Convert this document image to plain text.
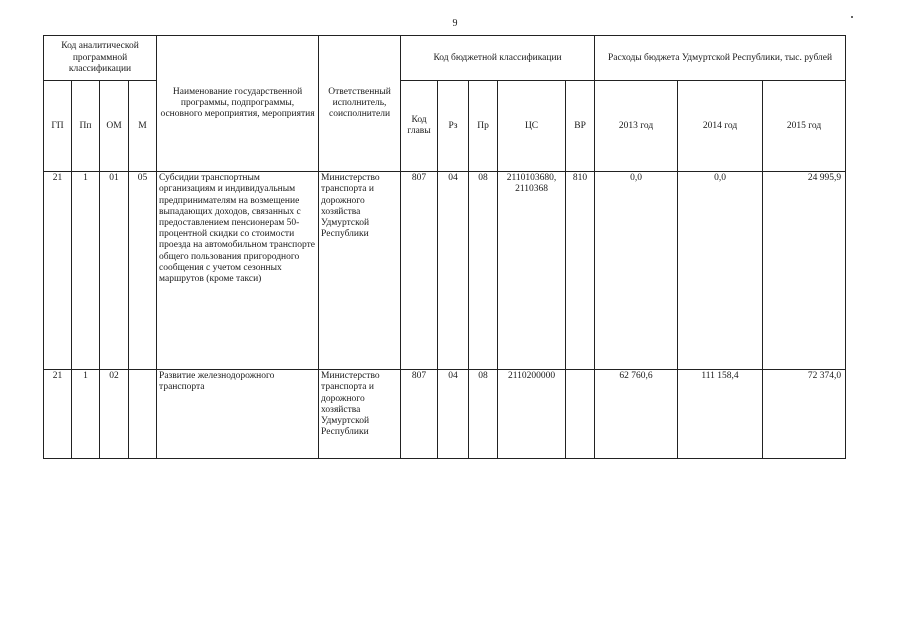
9
Код аналитической программной классификации				Наименование государственной программы, подпрограммы, основного мероприятия, мероприятия	Ответственный исполнитель, соисполнители	Код бюджетной классификации					Расходы бюджета Удмуртской Республики, тыс. рублей		
ГП	Пп	ОМ	М			Код главы	Рз	Пр	ЦС	ВР	2013 год	2014 год	2015 год
21	1	01	05	Субсидии транспортным организациям и индивидуальным предпринимателям на возмещение выпадающих доходов, связанных с предоставлением пенсионерам 50-процентной скидки со стоимости проезда на автомобильном транспорте общего пользования пригородного сообщения с учетом сезонных маршрутов (кроме такси)	Министерство транспорта и дорожного хозяйства Удмуртской Республики	807	04	08	2110103680, 2110368	810	0,0	0,0	24 995,9
21	1	02		Развитие железнодорожного транспорта	Министерство транспорта и дорожного хозяйства Удмуртской Республики	807	04	08	2110200000		62 760,6	111 158,4	72 374,0
